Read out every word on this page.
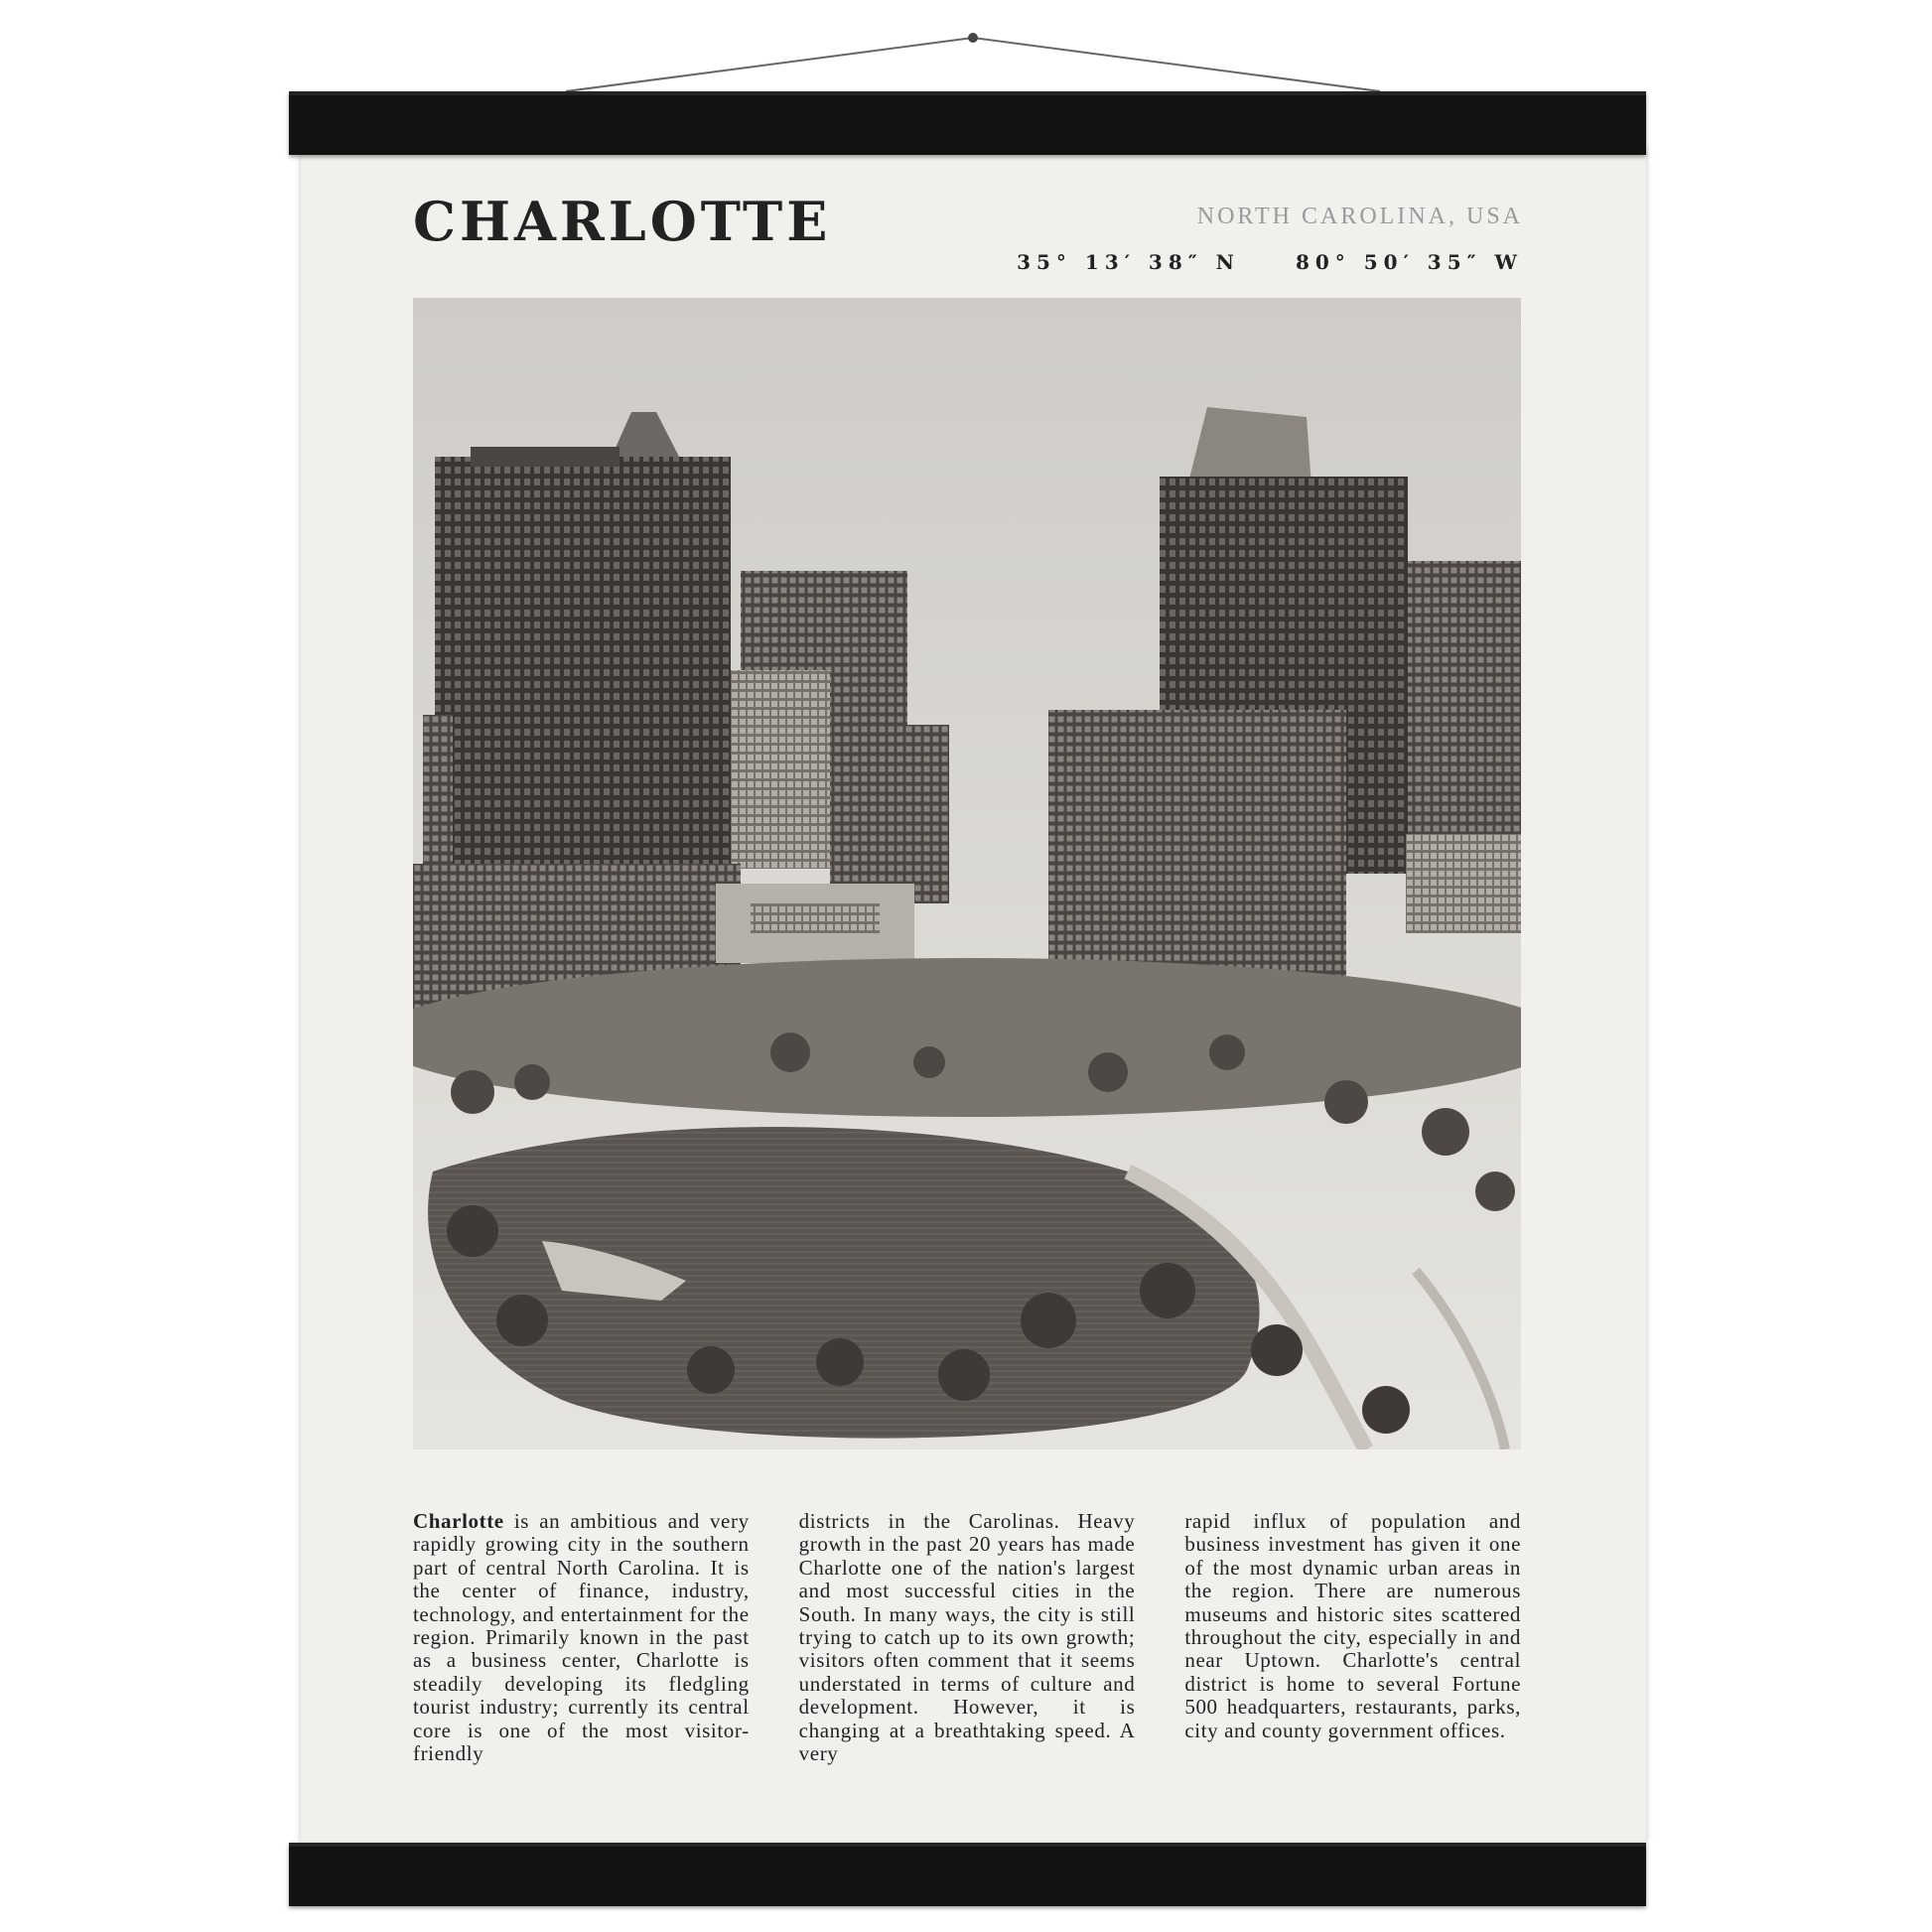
CHARLOTTE	NORTH CAROLINA, USA
35° 13′ 38″ N	80° 50′ 35″ W

Charlotte is an ambitious and very rapidly growing city in the southern part of central North Carolina. It is the center of finance, industry, technology, and entertainment for the region. Primarily known in the past as a business center, Charlotte is steadily developing its fledgling tourist industry; currently its central core is one of the most visitor-friendly

districts in the Carolinas. Heavy growth in the past 20 years has made Charlotte one of the nation's largest and most successful cities in the South. In many ways, the city is still trying to catch up to its own growth; visitors often comment that it seems understated in terms of culture and development. However, it is changing at a breathtaking speed. A very

rapid influx of population and business investment has given it one of the most dynamic urban areas in the region. There are numerous museums and historic sites scattered throughout the city, especially in and near Uptown. Charlotte's central district is home to several Fortune 500 headquarters, restaurants, parks, city and county government offices.
